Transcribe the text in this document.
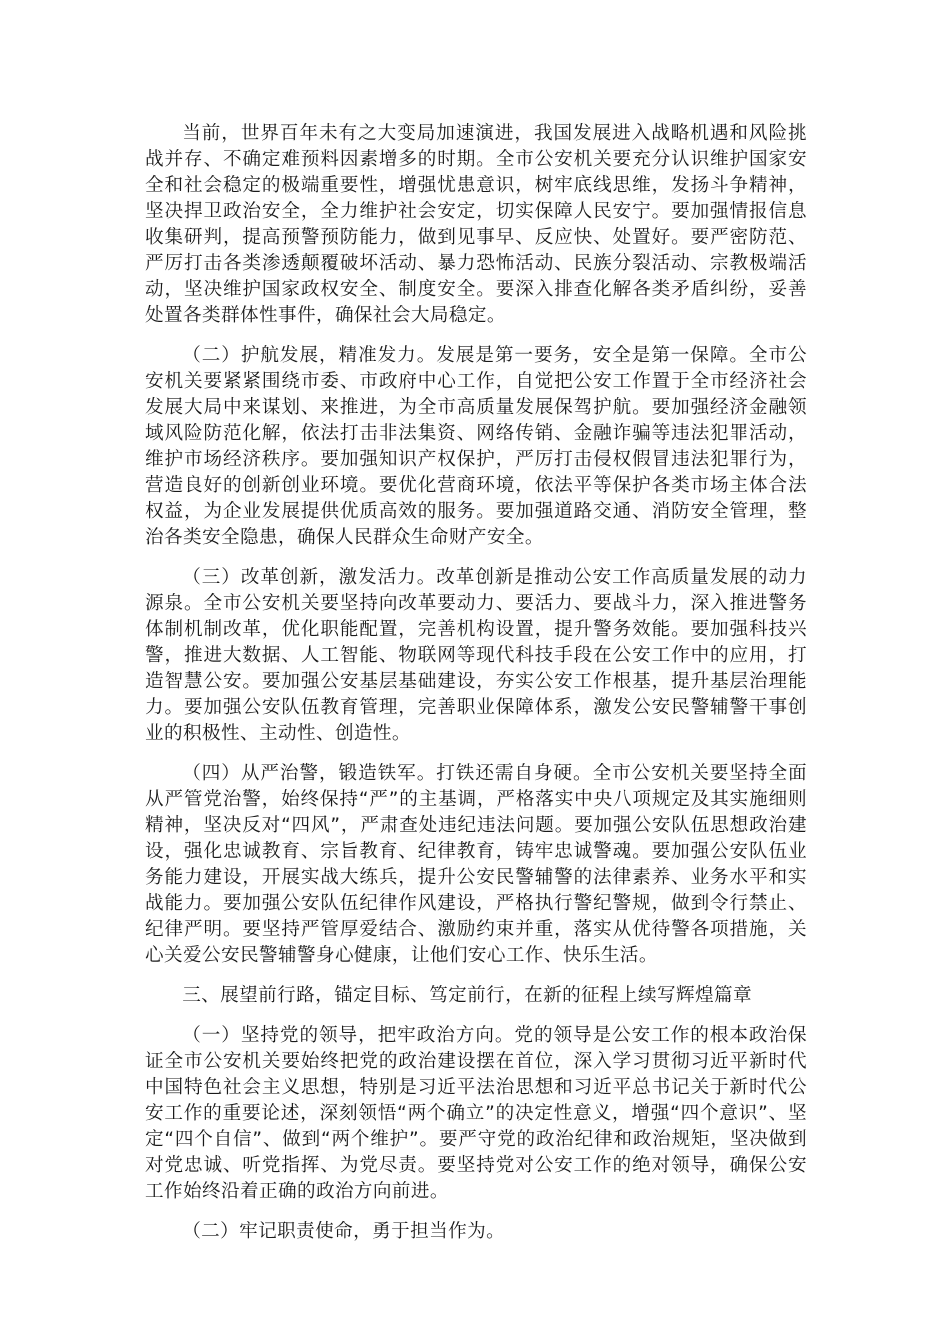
当前，世界百年未有之大变局加速演进，我国发展进入战略机遇和风险挑战并存、不确定难预料因素增多的时期。全市公安机关要充分认识维护国家安全和社会稳定的极端重要性，增强忧患意识，树牢底线思维，发扬斗争精神，坚决捍卫政治安全，全力维护社会安定，切实保障人民安宁。要加强情报信息收集研判，提高预警预防能力，做到见事早、反应快、处置好。要严密防范、严厉打击各类渗透颠覆破坏活动、暴力恐怖活动、民族分裂活动、宗教极端活动，坚决维护国家政权安全、制度安全。要深入排查化解各类矛盾纠纷，妥善处置各类群体性事件，确保社会大局稳定。

（二）护航发展，精准发力。发展是第一要务，安全是第一保障。全市公安机关要紧紧围绕市委、市政府中心工作，自觉把公安工作置于全市经济社会发展大局中来谋划、来推进，为全市高质量发展保驾护航。要加强经济金融领域风险防范化解，依法打击非法集资、网络传销、金融诈骗等违法犯罪活动，维护市场经济秩序。要加强知识产权保护，严厉打击侵权假冒违法犯罪行为，营造良好的创新创业环境。要优化营商环境，依法平等保护各类市场主体合法权益，为企业发展提供优质高效的服务。要加强道路交通、消防安全管理，整治各类安全隐患，确保人民群众生命财产安全。

（三）改革创新，激发活力。改革创新是推动公安工作高质量发展的动力源泉。全市公安机关要坚持向改革要动力、要活力、要战斗力，深入推进警务体制机制改革，优化职能配置，完善机构设置，提升警务效能。要加强科技兴警，推进大数据、人工智能、物联网等现代科技手段在公安工作中的应用，打造智慧公安。要加强公安基层基础建设，夯实公安工作根基，提升基层治理能力。要加强公安队伍教育管理，完善职业保障体系，激发公安民警辅警干事创业的积极性、主动性、创造性。

（四）从严治警，锻造铁军。打铁还需自身硬。全市公安机关要坚持全面从严管党治警，始终保持“严”的主基调，严格落实中央八项规定及其实施细则精神，坚决反对“四风”，严肃查处违纪违法问题。要加强公安队伍思想政治建设，强化忠诚教育、宗旨教育、纪律教育，铸牢忠诚警魂。要加强公安队伍业务能力建设，开展实战大练兵，提升公安民警辅警的法律素养、业务水平和实战能力。要加强公安队伍纪律作风建设，严格执行警纪警规，做到令行禁止、纪律严明。要坚持严管厚爱结合、激励约束并重，落实从优待警各项措施，关心关爱公安民警辅警身心健康，让他们安心工作、快乐生活。

三、展望前行路，锚定目标、笃定前行，在新的征程上续写辉煌篇章

（一）坚持党的领导，把牢政治方向。党的领导是公安工作的根本政治保证全市公安机关要始终把党的政治建设摆在首位，深入学习贯彻习近平新时代中国特色社会主义思想，特别是习近平法治思想和习近平总书记关于新时代公安工作的重要论述，深刻领悟“两个确立”的决定性意义，增强“四个意识”、坚定“四个自信”、做到“两个维护”。要严守党的政治纪律和政治规矩，坚决做到对党忠诚、听党指挥、为党尽责。要坚持党对公安工作的绝对领导，确保公安工作始终沿着正确的政治方向前进。

（二）牢记职责使命，勇于担当作为。
